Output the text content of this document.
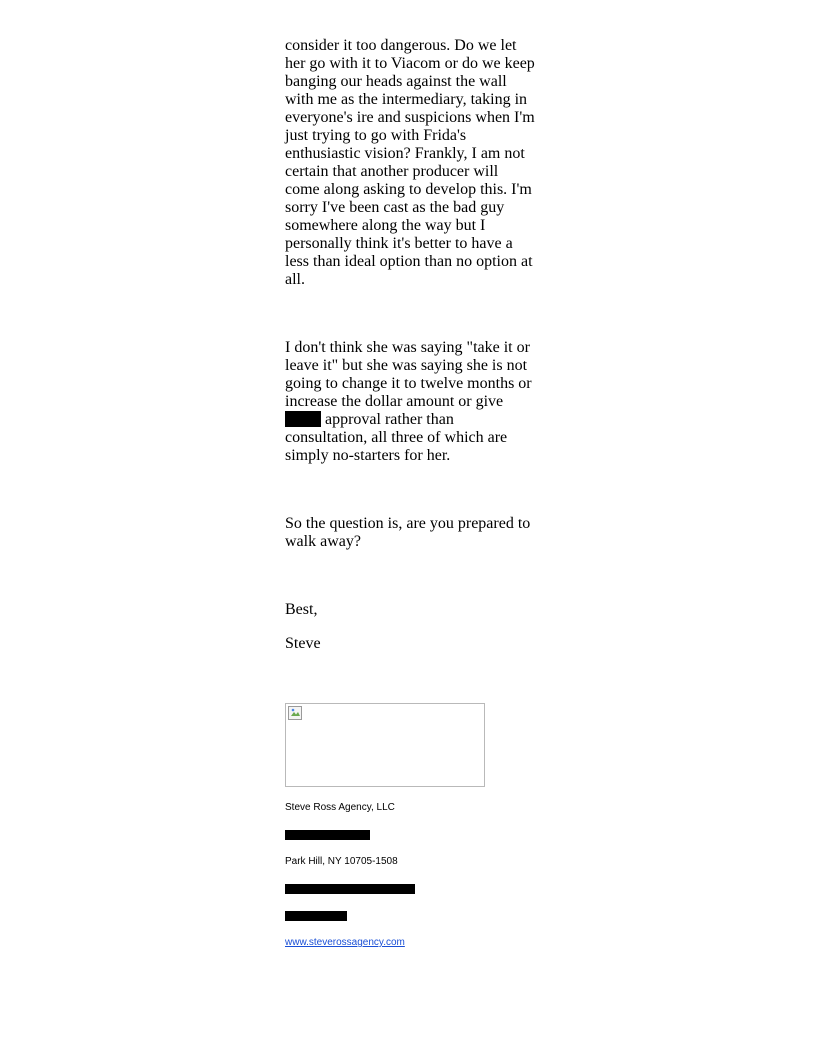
consider it too dangerous. Do we let her go with it to Viacom or do we keep banging our heads against the wall with me as the intermediary, taking in everyone's ire and suspicions when I'm just trying to go with Frida's enthusiastic vision? Frankly, I am not certain that another producer will come along asking to develop this. I'm sorry I've been cast as the bad guy somewhere along the way but I personally think it's better to have a less than ideal option than no option at all.

I don't think she was saying "take it or leave it" but she was saying she is not going to change it to twelve months or increase the dollar amount or give  approval rather than consultation, all three of which are simply no-starters for her.

So the question is, are you prepared to walk away?

Best,

Steve

Steve Ross Agency, LLC
Park Hill, NY 10705-1508
www.steverossagency.com
